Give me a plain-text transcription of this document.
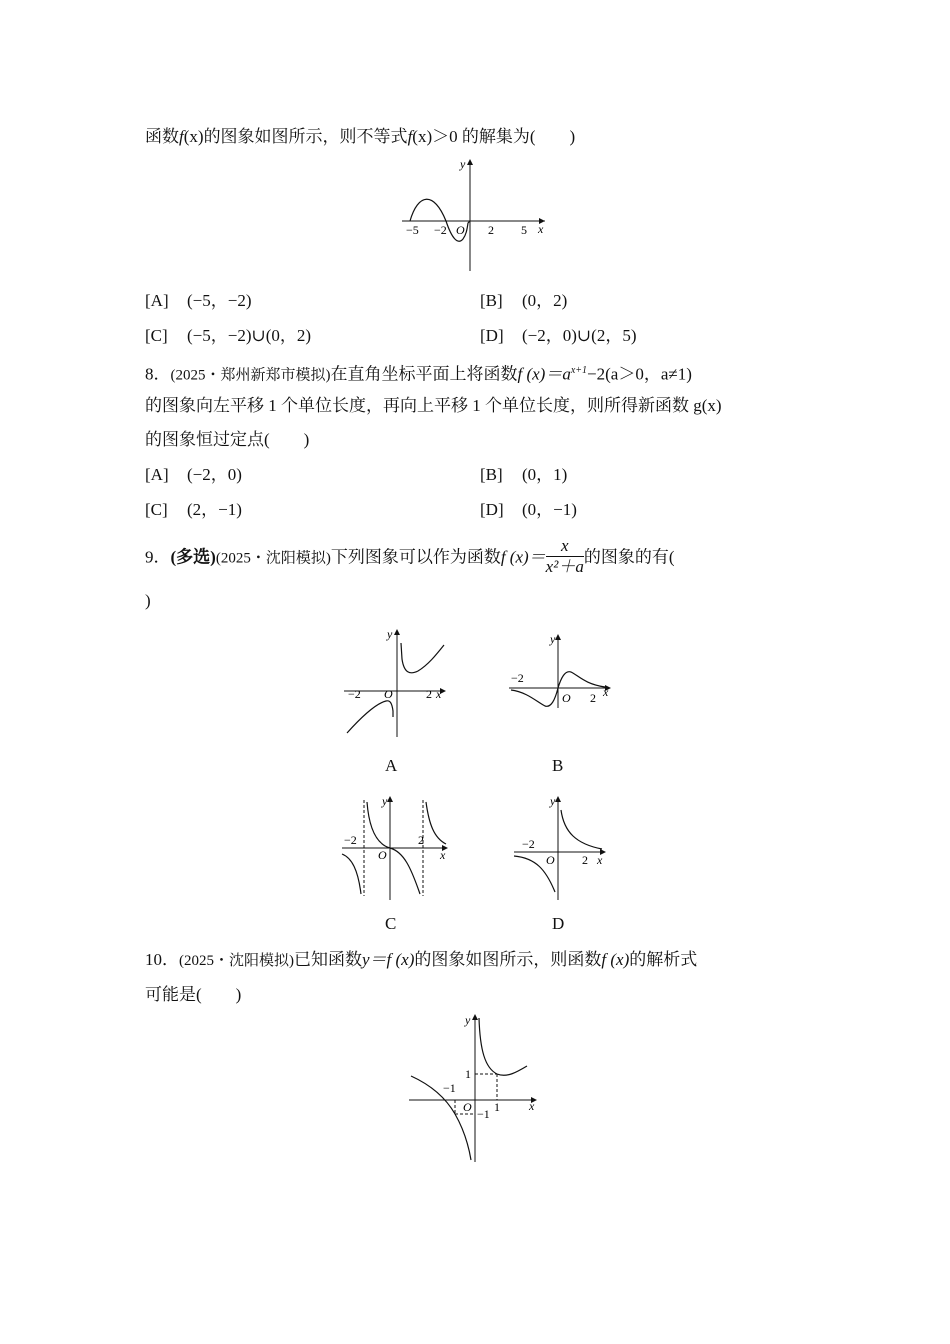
函数f(x)的图象如图所示，则不等式f(x)＞0 的解集为(　　)
y
x
−5 −2 O 2 5
[A] (−5，−2)	[B] (0，2)
[C] (−5，−2)∪(0，2)	[D] (−2，0)∪(2，5)
8．(2025・郑州新郑市模拟)在直角坐标平面上将函数f $(x)=a^{x+1}-2(a>0$，a≠1)
的图象向左平移 1 个单位长度，再向上平移 1 个单位长度，则所得新函数 g(x)
的图象恒过定点(　　)
[A] (−2，0)	[B] (0，1)
[C] (2，−1)	[D] (0，−1)
9．(多选)(2025・沈阳模拟)下列图象可以作为函数f $(x)= \frac{x}{\text{x²＋a}}$ 的图象的有(
)
y
x
−2 O	2
A
y
x
−2
O 2
B
y
x
−2
O
2
C
y
x
−2
O 2
D
10．(2025・沈阳模拟)已知函数y＝f (x)的图象如图所示，则函数f (x)的解析式
可能是(　　)
y
x
1
−1
O 1
−1
